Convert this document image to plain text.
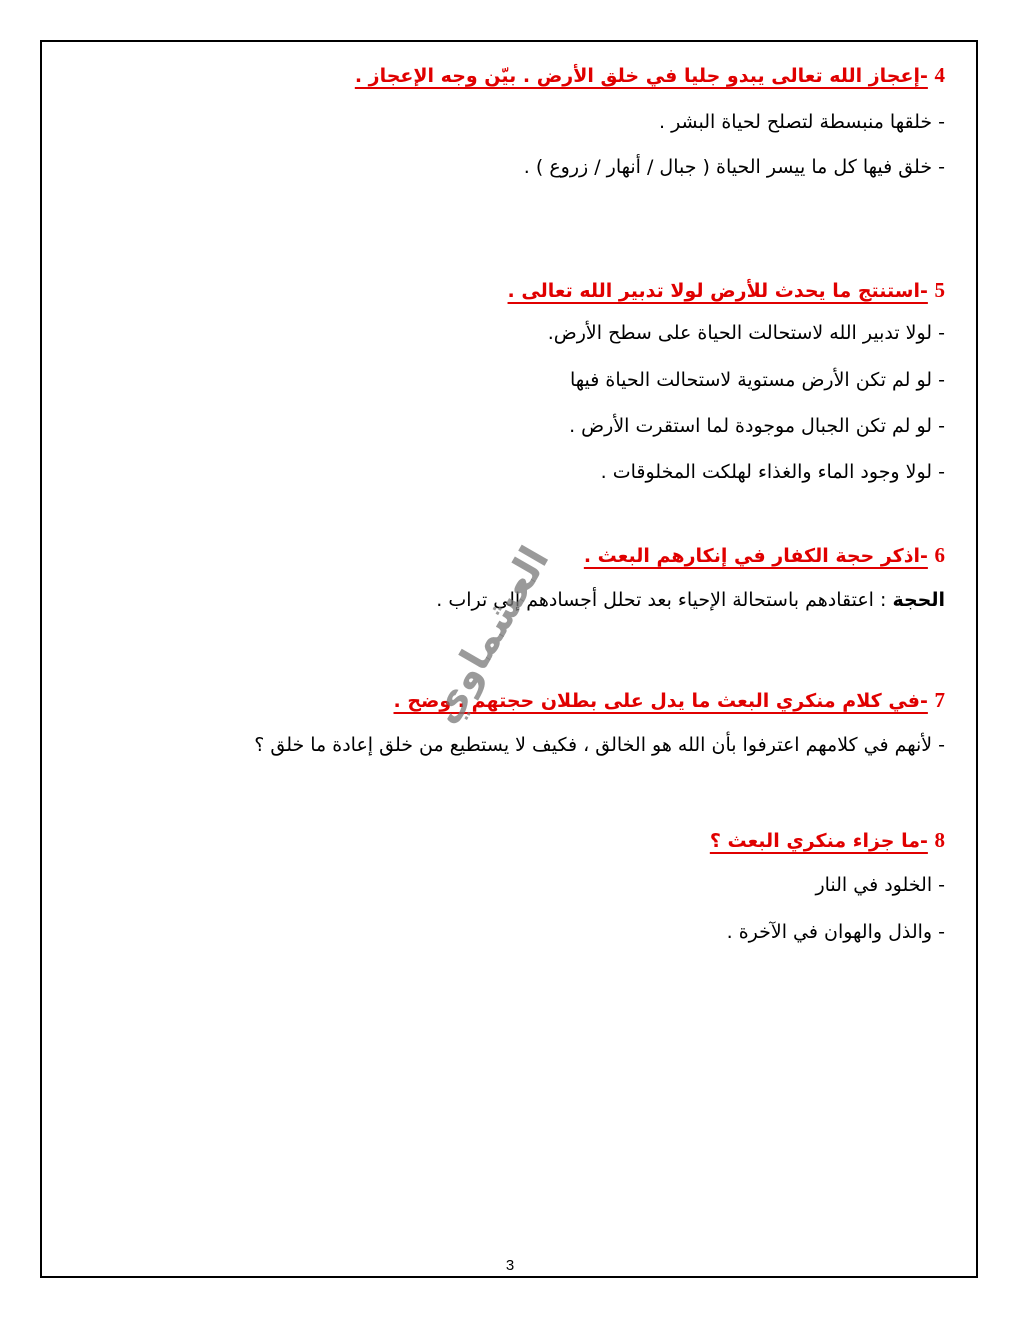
4 -إعجاز الله تعالى يبدو جليا في خلق الأرض . بيّن وجه الإعجاز .
- خلقها منبسطة لتصلح لحياة البشر .
- خلق فيها كل ما ييسر الحياة ( جبال / أنهار / زروع ) .
5 -استنتج ما يحدث للأرض لولا تدبير الله تعالى .
- لولا تدبير الله لاستحالت الحياة على سطح الأرض.
- لو لم تكن الأرض مستوية لاستحالت الحياة فيها
- لو لم تكن الجبال موجودة لما استقرت الأرض .
- لولا وجود الماء والغذاء لهلكت المخلوقات .
6 -اذكر حجة الكفار في إنكارهم البعث .
الحجة : اعتقادهم باستحالة الإحياء بعد تحلل أجسادهم إلى تراب .
7 -في كلام منكري البعث ما يدل على بطلان حجتهم . وضح .
- لأنهم في كلامهم اعترفوا بأن الله هو الخالق ، فكيف لا يستطيع من خلق إعادة ما خلق ؟
8 -ما جزاء منكري البعث ؟
- الخلود في النار
- والذل والهوان في الآخرة .
العشماوي
3
